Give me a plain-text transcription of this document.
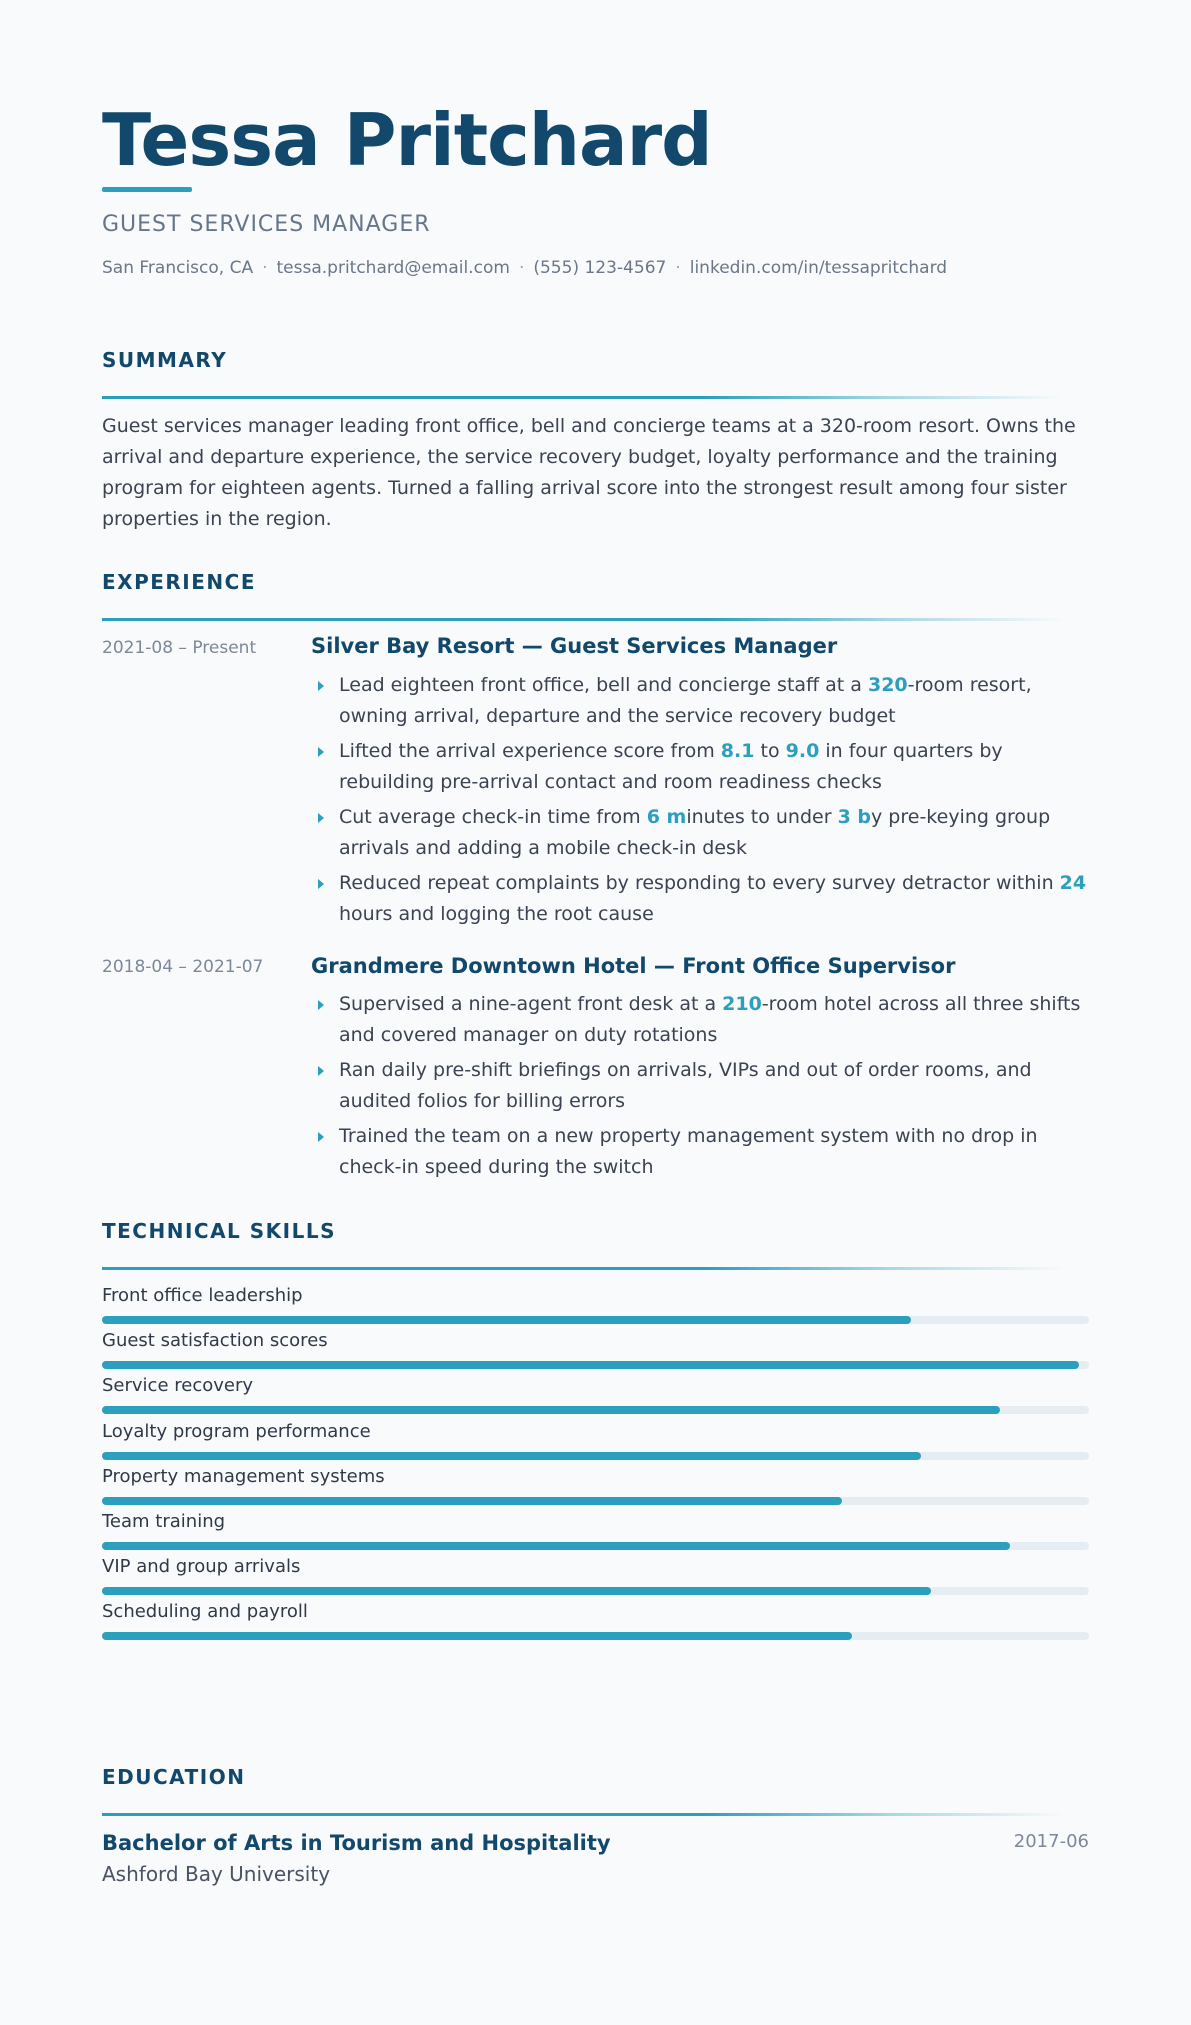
Tessa Pritchard
GUEST SERVICES MANAGER
San Francisco, CA · tessa.pritchard@email.com · (555) 123-4567 · linkedin.com/in/tessapritchard
SUMMARY

Guest services manager leading front office, bell and concierge teams at a 320-room resort. Owns the arrival and departure experience, the service recovery budget, loyalty performance and the training program for eighteen agents. Turned a falling arrival score into the strongest result among four sister properties in the region.

EXPERIENCE
2021-08 – Present	Silver Bay Resort — Guest Services Manager
Lead eighteen front office, bell and concierge staff at a 320-room resort, owning arrival, departure and the service recovery budget
Lifted the arrival experience score from 8.1 to 9.0 in four quarters by rebuilding pre-arrival contact and room readiness checks
Cut average check-in time from 6 minutes to under 3 by pre-keying group arrivals and adding a mobile check-in desk
Reduced repeat complaints by responding to every survey detractor within 24 hours and logging the root cause
2018-04 – 2021-07 Grandmere Downtown Hotel — Front Office Supervisor
Supervised a nine-agent front desk at a 210-room hotel across all three shifts and covered manager on duty rotations
Ran daily pre-shift briefings on arrivals, VIPs and out of order rooms, and audited folios for billing errors
Trained the team on a new property management system with no drop in check-in speed during the switch
TECHNICAL SKILLS
Front office leadership
Guest satisfaction scores
Service recovery
Loyalty program performance
Property management systems
Team training
VIP and group arrivals
Scheduling and payroll
EDUCATION
Bachelor of Arts in Tourism and Hospitality	2017-06
Ashford Bay University
